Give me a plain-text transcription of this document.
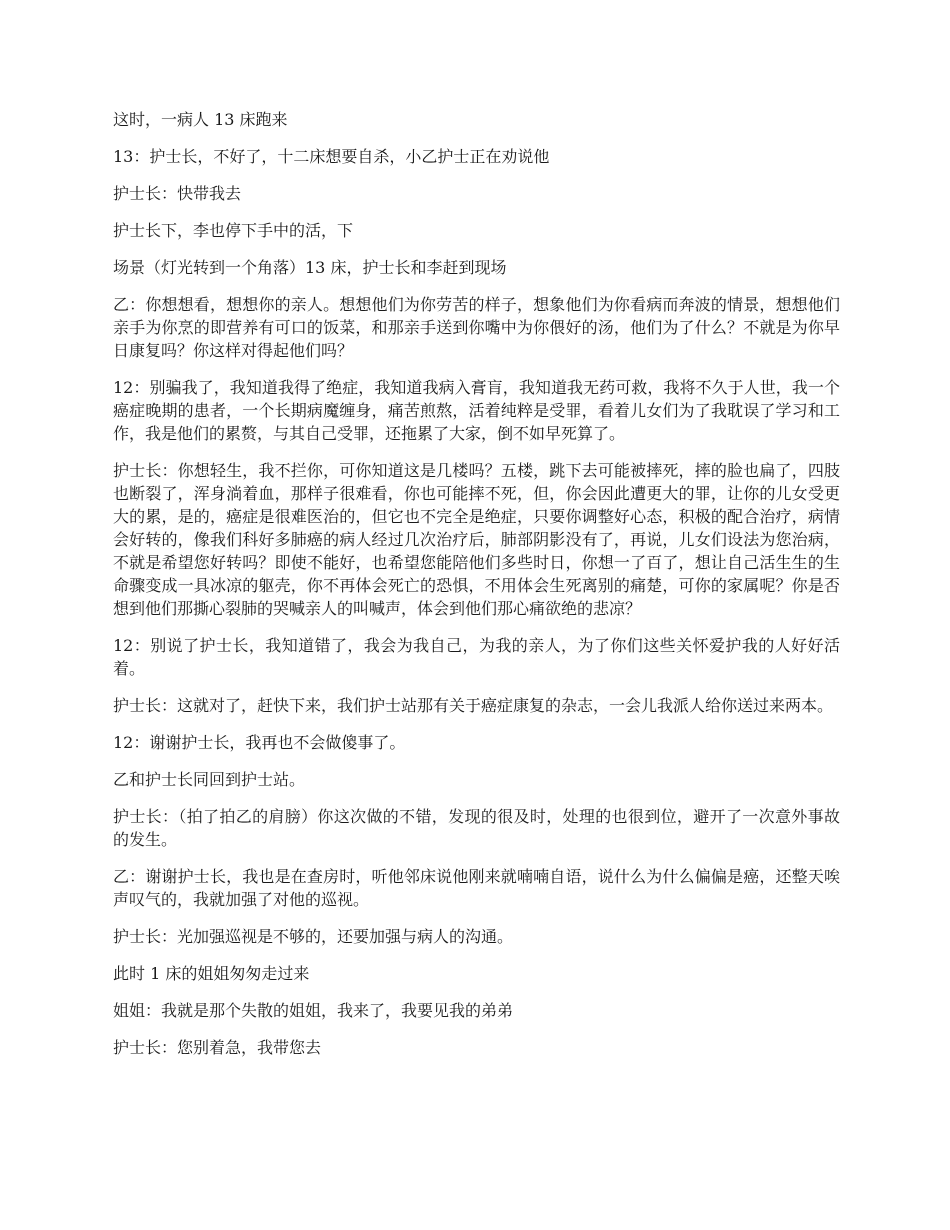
这时，一病人 13 床跑来

13：护士长，不好了，十二床想要自杀，小乙护士正在劝说他

护士长：快带我去

护士长下，李也停下手中的活，下

场景（灯光转到一个角落）13 床，护士长和李赶到现场

乙：你想想看，想想你的亲人。想想他们为你劳苦的样子，想象他们为你看病而奔波的情景，想想他们亲手为你烹的即营养有可口的饭菜，和那亲手送到你嘴中为你偎好的汤，他们为了什么？不就是为你早日康复吗？你这样对得起他们吗？

12：别骗我了，我知道我得了绝症，我知道我病入膏肓，我知道我无药可救，我将不久于人世，我一个癌症晚期的患者，一个长期病魔缠身，痛苦煎熬，活着纯粹是受罪，看着儿女们为了我耽误了学习和工作，我是他们的累赘，与其自己受罪，还拖累了大家，倒不如早死算了。

护士长：你想轻生，我不拦你，可你知道这是几楼吗？五楼，跳下去可能被摔死，摔的脸也扁了，四肢也断裂了，浑身淌着血，那样子很难看，你也可能摔不死，但，你会因此遭更大的罪，让你的儿女受更大的累，是的，癌症是很难医治的，但它也不完全是绝症，只要你调整好心态，积极的配合治疗，病情会好转的，像我们科好多肺癌的病人经过几次治疗后，肺部阴影没有了，再说，儿女们设法为您治病，不就是希望您好转吗？即使不能好，也希望您能陪他们多些时日，你想一了百了，想让自己活生生的生命骤变成一具冰凉的躯壳，你不再体会死亡的恐惧，不用体会生死离别的痛楚，可你的家属呢？你是否想到他们那撕心裂肺的哭喊亲人的叫喊声，体会到他们那心痛欲绝的悲凉？

12：别说了护士长，我知道错了，我会为我自己，为我的亲人，为了你们这些关怀爱护我的人好好活着。

护士长：这就对了，赶快下来，我们护士站那有关于癌症康复的杂志，一会儿我派人给你送过来两本。

12：谢谢护士长，我再也不会做傻事了。

乙和护士长同回到护士站。

护士长：（拍了拍乙的肩膀）你这次做的不错，发现的很及时，处理的也很到位，避开了一次意外事故的发生。

乙：谢谢护士长，我也是在查房时，听他邻床说他刚来就喃喃自语，说什么为什么偏偏是癌，还整天唉声叹气的，我就加强了对他的巡视。

护士长：光加强巡视是不够的，还要加强与病人的沟通。

此时 1 床的姐姐匆匆走过来

姐姐：我就是那个失散的姐姐，我来了，我要见我的弟弟

护士长：您别着急，我带您去
